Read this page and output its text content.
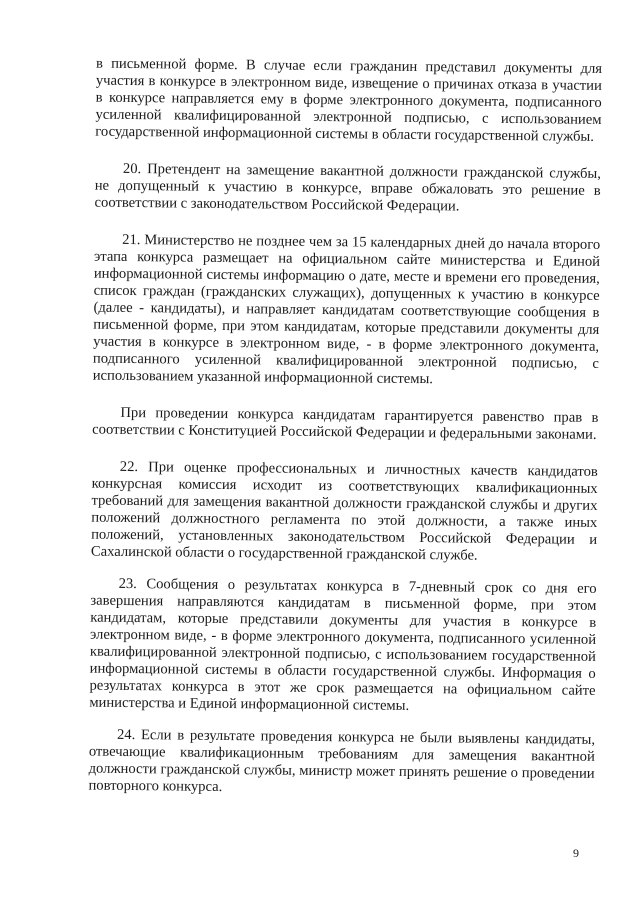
в письменной форме. В случае если гражданин представил документы для участия в конкурсе в электронном виде, извещение о причинах отказа в участии в конкурсе направляется ему в форме электронного документа, подписанного усиленной квалифицированной электронной подписью, с использованием государственной информационной системы в области государственной службы.

20. Претендент на замещение вакантной должности гражданской службы, не допущенный к участию в конкурсе, вправе обжаловать это решение в соответствии с законодательством Российской Федерации.

21. Министерство не позднее чем за 15 календарных дней до начала второго этапа конкурса размещает на официальном сайте министерства и Единой информационной системы информацию о дате, месте и времени его проведения, список граждан (гражданских служащих), допущенных к участию в конкурсе (далее - кандидаты), и направляет кандидатам соответствующие сообщения в письменной форме, при этом кандидатам, которые представили документы для участия в конкурсе в электронном виде, - в форме электронного документа, подписанного усиленной квалифицированной электронной подписью, с использованием указанной информационной системы.

При проведении конкурса кандидатам гарантируется равенство прав в соответствии с Конституцией Российской Федерации и федеральными законами.

22. При оценке профессиональных и личностных качеств кандидатов конкурсная комиссия исходит из соответствующих квалификационных требований для замещения вакантной должности гражданской службы и других положений должностного регламента по этой должности, а также иных положений, установленных законодательством Российской Федерации и Сахалинской области о государственной гражданской службе.

23. Сообщения о результатах конкурса в 7-дневный срок со дня его завершения направляются кандидатам в письменной форме, при этом кандидатам, которые представили документы для участия в конкурсе в электронном виде, - в форме электронного документа, подписанного усиленной квалифицированной электронной подписью, с использованием государственной информационной системы в области государственной службы. Информация о результатах конкурса в этот же срок размещается на официальном сайте министерства и Единой информационной системы.

24. Если в результате проведения конкурса не были выявлены кандидаты, отвечающие квалификационным требованиям для замещения вакантной должности гражданской службы, министр может принять решение о проведении повторного конкурса.

9
